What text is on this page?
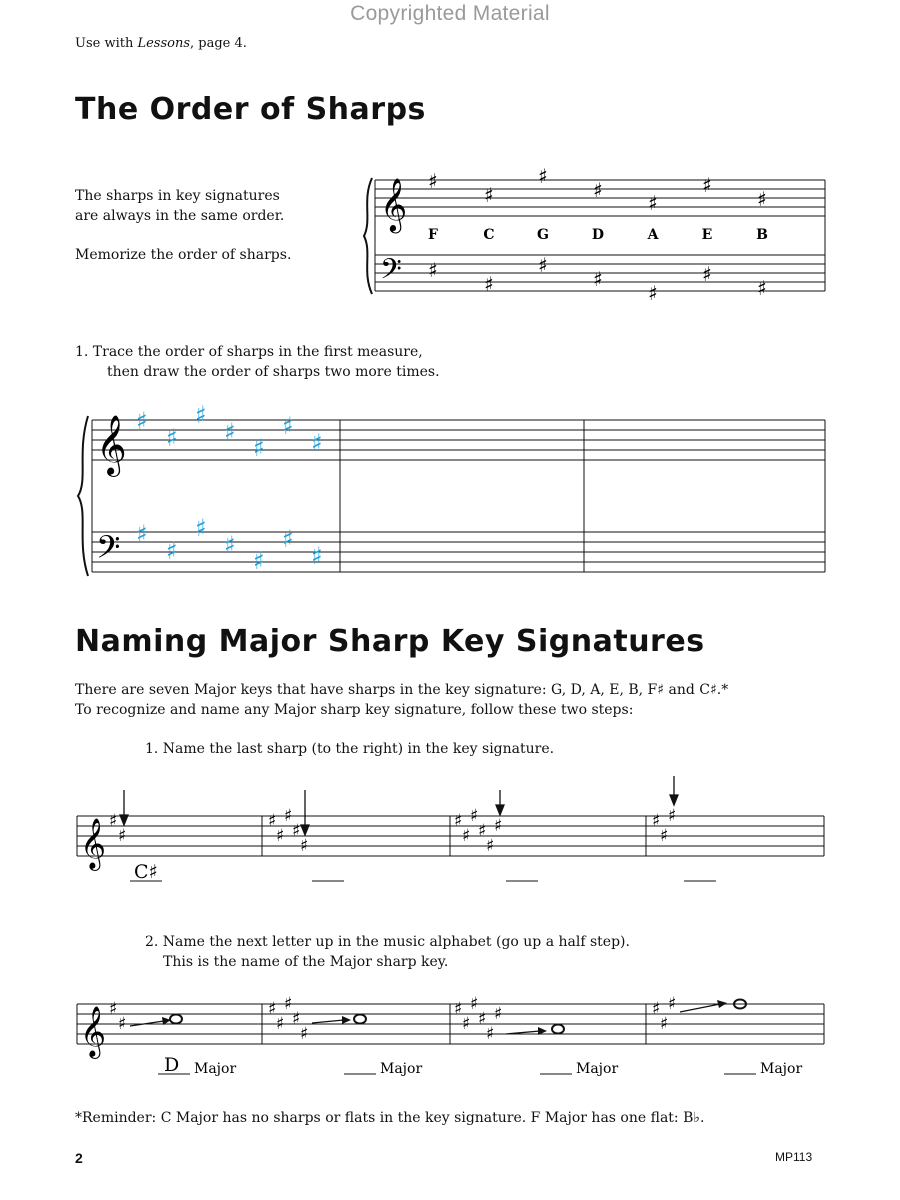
Copyrighted Material
Use with Lessons, page 4.
The Order of Sharps
The sharps in key signatures
are always in the same order.
Memorize the order of sharps.
𝄞
𝄢
♯
♯
♯
♯
♯
♯
♯
♯
♯
♯
♯
♯
♯
♯
F	C	G	D	A	E	B
1. Trace the order of sharps in the first measure,
then draw the order of sharps two more times.
𝄞
𝄢
♯
♯
♯
♯
♯
♯
♯
♯
♯
♯
♯
♯
♯
♯
Naming Major Sharp Key Signatures
There are seven Major keys that have sharps in the key signature: G, D, A, E, B, F♯ and C♯.*
To recognize and name any Major sharp key signature, follow these two steps:
1. Name the last sharp (to the right) in the key signature.
𝄞 ♯
♯
♯
♯
♯
♯
♯
♯
♯
♯
♯
♯
♯	♯
♯
♯
C♯
2. Name the next letter up in the music alphabet (go up a half step).
This is the name of the Major sharp key.
𝄞 ♯
♯
♯
♯
♯
♯
♯
♯
♯
♯
♯
♯
♯	♯
♯
♯
D Major	Major	Major	Major
*Reminder: C Major has no sharps or flats in the key signature. F Major has one flat: B♭.
2	MP113
